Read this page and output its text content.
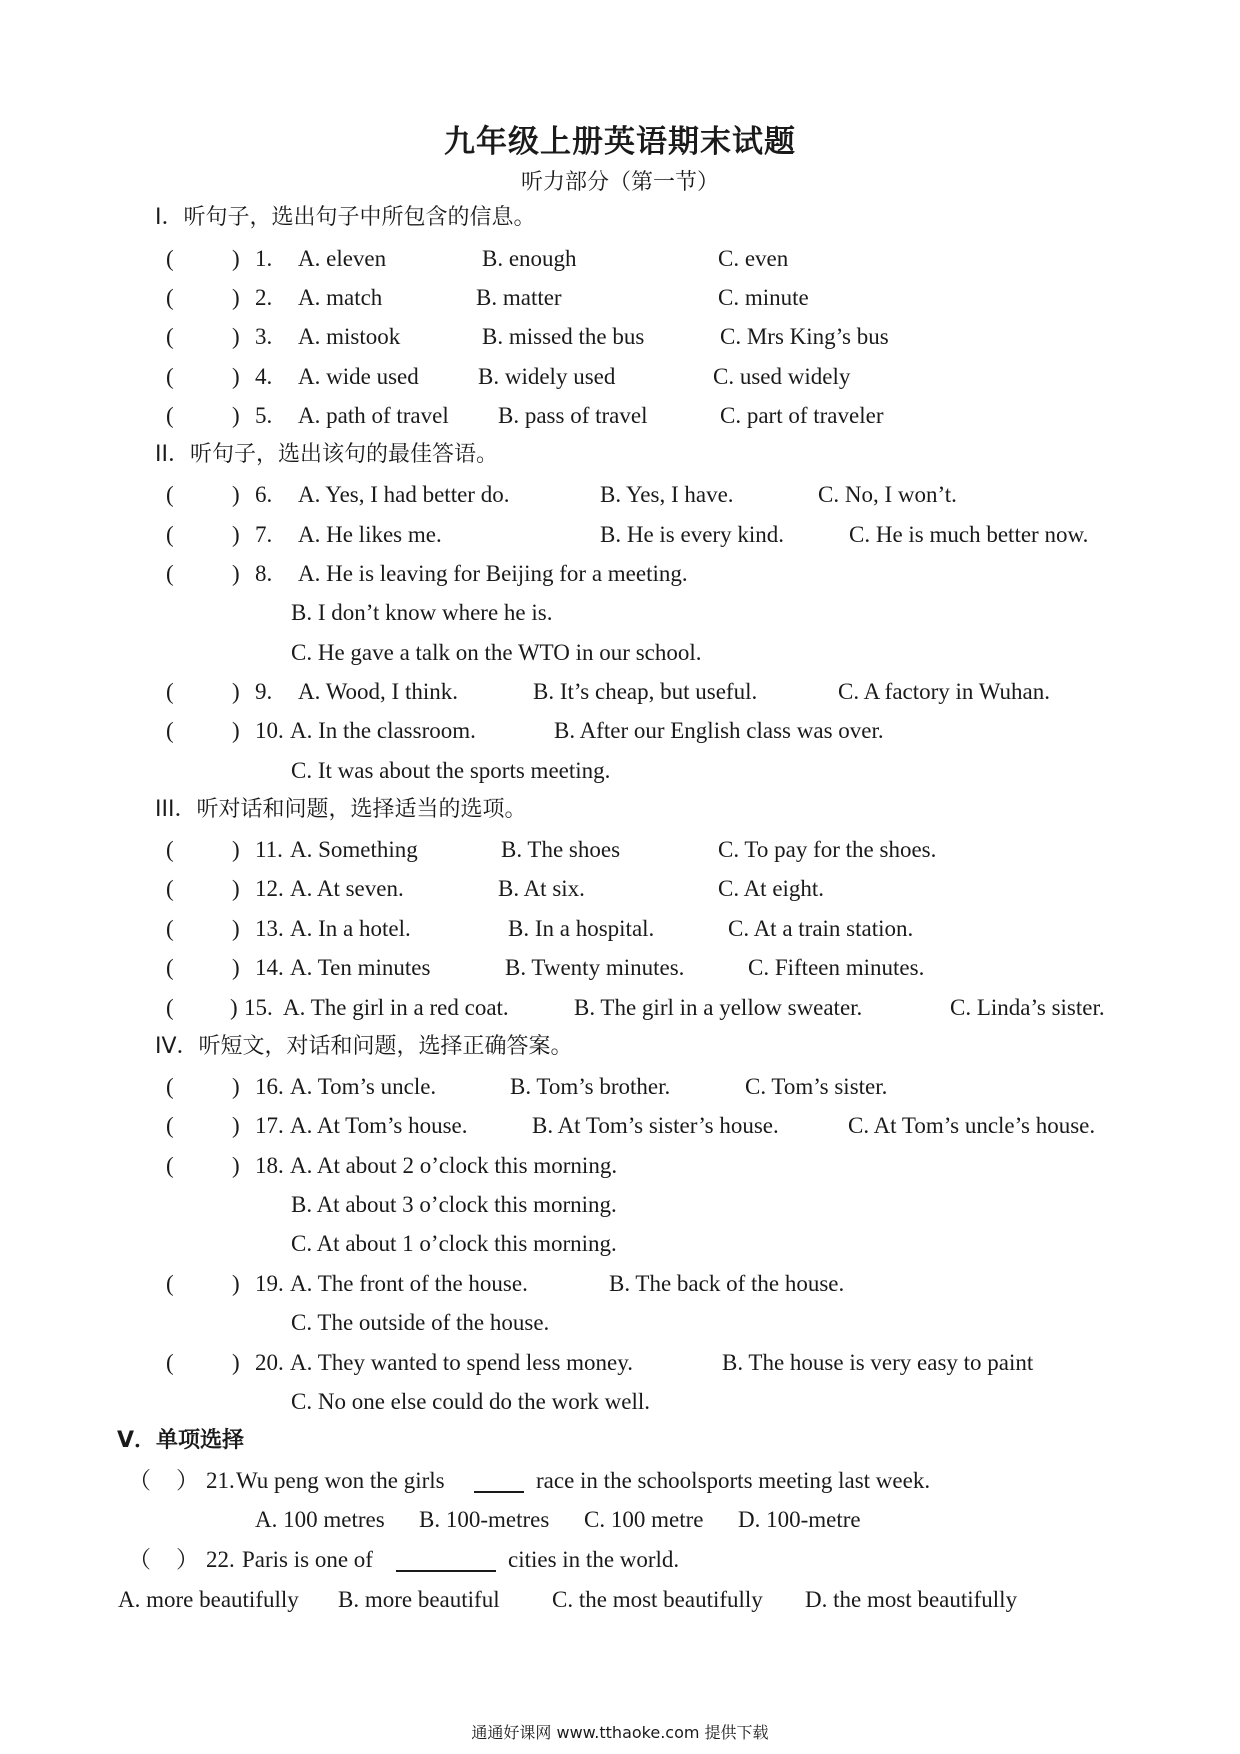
九年级上册英语期末试题
听力部分（第一节）
I．听句子，选出句子中所包含的信息。
(	) 1. A. eleven	B. enough	C. even
(	) 2. A. match	B. matter	C. minute
(	) 3. A. mistook	B. missed the bus	C. Mrs King’s bus
(	) 4. A. wide used	B. widely used	C. used widely
(	) 5. A. path of travel B. pass of travel	C. part of traveler
II．听句子，选出该句的最佳答语。
(	) 6. A. Yes, I had better do.	B. Yes, I have.	C. No, I won’t.
(	) 7. A. He likes me.	B. He is every kind.	C. He is much better now.
(	) 8. A. He is leaving for Beijing for a meeting.
B. I don’t know where he is.
C. He gave a talk on the WTO in our school.
(	) 9. A. Wood, I think.	B. It’s cheap, but useful.	C. A factory in Wuhan.
(	) 10. A. In the classroom.	B. After our English class was over.
C. It was about the sports meeting.
III．听对话和问题，选择适当的选项。
(	) 11. A. Something	B. The shoes	C. To pay for the shoes.
(	) 12. A. At seven.	B. At six.	C. At eight.
(	) 13. A. In a hotel.	B. In a hospital.	C. At a train station.
(	) 14. A. Ten minutes	B. Twenty minutes.	C. Fifteen minutes.
( ) 15. A. The girl in a red coat.	B. The girl in a yellow sweater.	C. Linda’s sister.
IV．听短文，对话和问题，选择正确答案。
(	) 16. A. Tom’s uncle.	B. Tom’s brother.	C. Tom’s sister.
(	) 17. A. At Tom’s house.	B. At Tom’s sister’s house.	C. At Tom’s uncle’s house.
(	) 18. A. At about 2 o’clock this morning.
B. At about 3 o’clock this morning.
C. At about 1 o’clock this morning.
(	) 19. A. The front of the house.	B. The back of the house.
C. The outside of the house.
(	) 20. A. They wanted to spend less money.	B. The house is very easy to paint
C. No one else could do the work well.
V．单项选择
（ ） 21. Wu peng won the girls	race in the schoolsports meeting last week.
A. 100 metres B. 100-metres C. 100 metre D. 100-metre
（ ） 22. Paris is one of	cities in the world.
A. more beautifully B. more beautiful C. the most beautifully D. the most beautifully
通通好课网 www.tthaoke.com 提供下载
